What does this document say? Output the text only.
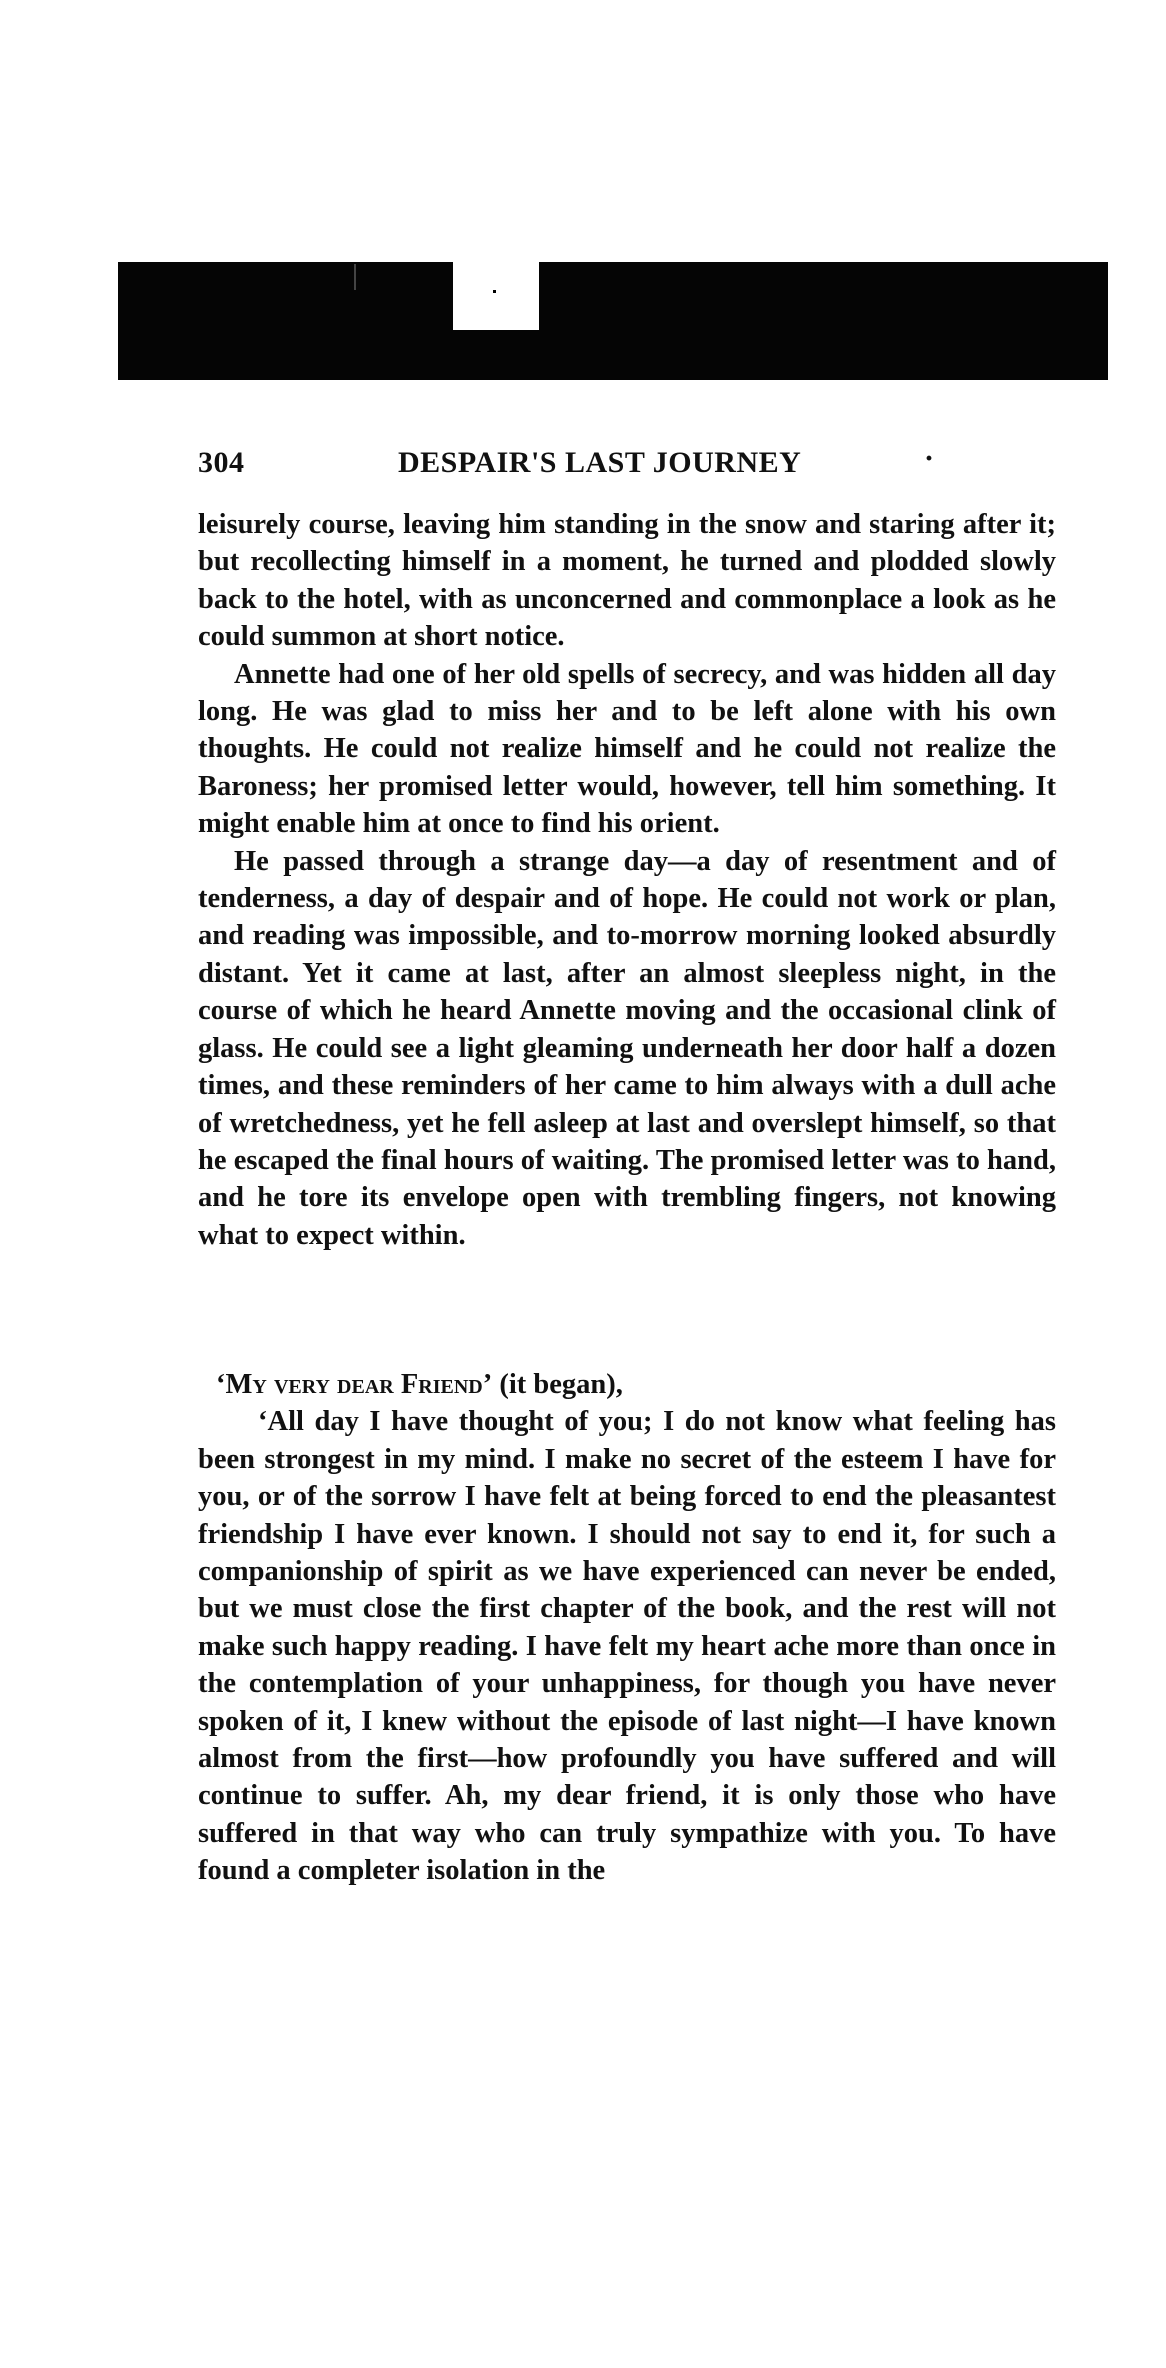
304	DESPAIR'S LAST JOURNEY	·

leisurely course, leaving him standing in the snow and staring after it; but recollecting himself in a moment, he turned and plodded slowly back to the hotel, with as unconcerned and commonplace a look as he could summon at short notice.

Annette had one of her old spells of secrecy, and was hidden all day long. He was glad to miss her and to be left alone with his own thoughts. He could not realize himself and he could not realize the Baroness; her promised letter would, however, tell him something. It might enable him at once to find his orient.

He passed through a strange day—a day of resentment and of tenderness, a day of despair and of hope. He could not work or plan, and reading was impossible, and to-morrow morning looked absurdly distant. Yet it came at last, after an almost sleepless night, in the course of which he heard Annette moving and the occasional clink of glass. He could see a light gleaming underneath her door half a dozen times, and these reminders of her came to him always with a dull ache of wretchedness, yet he fell asleep at last and overslept himself, so that he escaped the final hours of waiting. The promised letter was to hand, and he tore its envelope open with trembling fingers, not knowing what to expect within.

‘My very dear Friend’ (it began),

‘All day I have thought of you; I do not know what feeling has been strongest in my mind. I make no secret of the esteem I have for you, or of the sorrow I have felt at being forced to end the pleasantest friendship I have ever known. I should not say to end it, for such a companionship of spirit as we have experienced can never be ended, but we must close the first chapter of the book, and the rest will not make such happy reading. I have felt my heart ache more than once in the contemplation of your unhappiness, for though you have never spoken of it, I knew without the episode of last night—I have known almost from the first—how profoundly you have suffered and will continue to suffer. Ah, my dear friend, it is only those who have suffered in that way who can truly sympathize with you. To have found a completer isolation in the
